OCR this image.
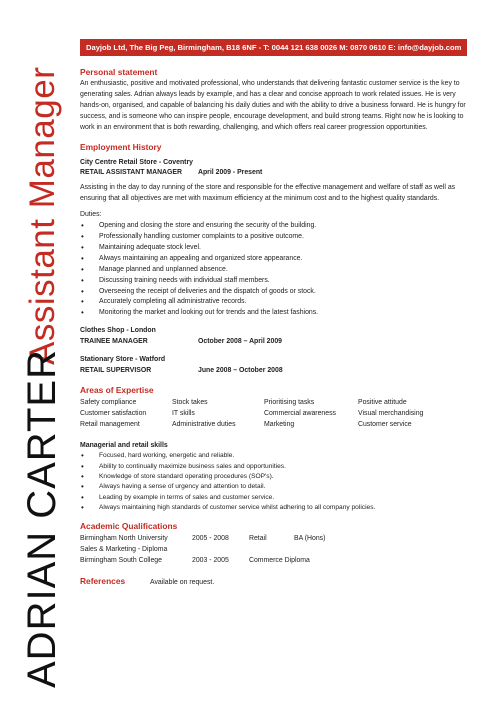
Assistant Manager
ADRIAN CARTER
Dayjob Ltd, The Big Peg, Birmingham, B18 6NF - T: 0044 121 638 0026 M: 0870 0610 E: info@dayjob.com
Personal statement
An enthusiastic, positive and motivated professional, who understands that delivering fantastic customer service is the key to generating sales. Adrian always leads by example, and has a clear and concise approach to work related issues. He is very hands-on, organised, and capable of balancing his daily duties and with the ability to drive a business forward. He is hungry for success, and is someone who can inspire people, encourage development, and build strong teams. Right now he is looking to work in an environment that is both rewarding, challenging, and which offers real career progression opportunities.
Employment History
City Centre Retail Store - Coventry
RETAIL ASSISTANT MANAGER	April 2009 - Present
Assisting in the day to day running of the store and responsible for the effective management and welfare of staff as well as ensuring that all objectives are met with maximum efficiency at the minimum cost and to the highest quality standards.
Duties:
• Opening and closing the store and ensuring the security of the building.
• Professionally handling customer complaints to a positive outcome.
• Maintaining adequate stock level.
• Always maintaining an appealing and organized store appearance.
• Manage planned and unplanned absence.
• Discussing training needs with individual staff members.
• Overseeing the receipt of deliveries and the dispatch of goods or stock.
• Accurately completing all administrative records.
• Monitoring the market and looking out for trends and the latest fashions.
Clothes Shop - London
TRAINEE MANAGER	October 2008 – April 2009
Stationary Store - Watford
RETAIL SUPERVISOR	June 2008 – October 2008
Areas of Expertise
Safety compliance	Stock takes	Prioritising tasks	Positive attitude
Customer satisfaction	IT skills	Commercial awareness	Visual merchandising
Retail management	Administrative duties	Marketing	Customer service
Managerial and retail skills
• Focused, hard working, energetic and reliable.
• Ability to continually maximize business sales and opportunities.
• Knowledge of store standard operating procedures (SOP's).
• Always having a sense of urgency and attention to detail.
• Leading by example in terms of sales and customer service.
• Always maintaining high standards of customer service whilst adhering to all company policies.
Academic Qualifications
Birmingham North University	2005 - 2008	Retail	BA (Hons)
Sales & Marketing - Diploma
Birmingham South College	2003 - 2005	Commerce Diploma
References	Available on request.
